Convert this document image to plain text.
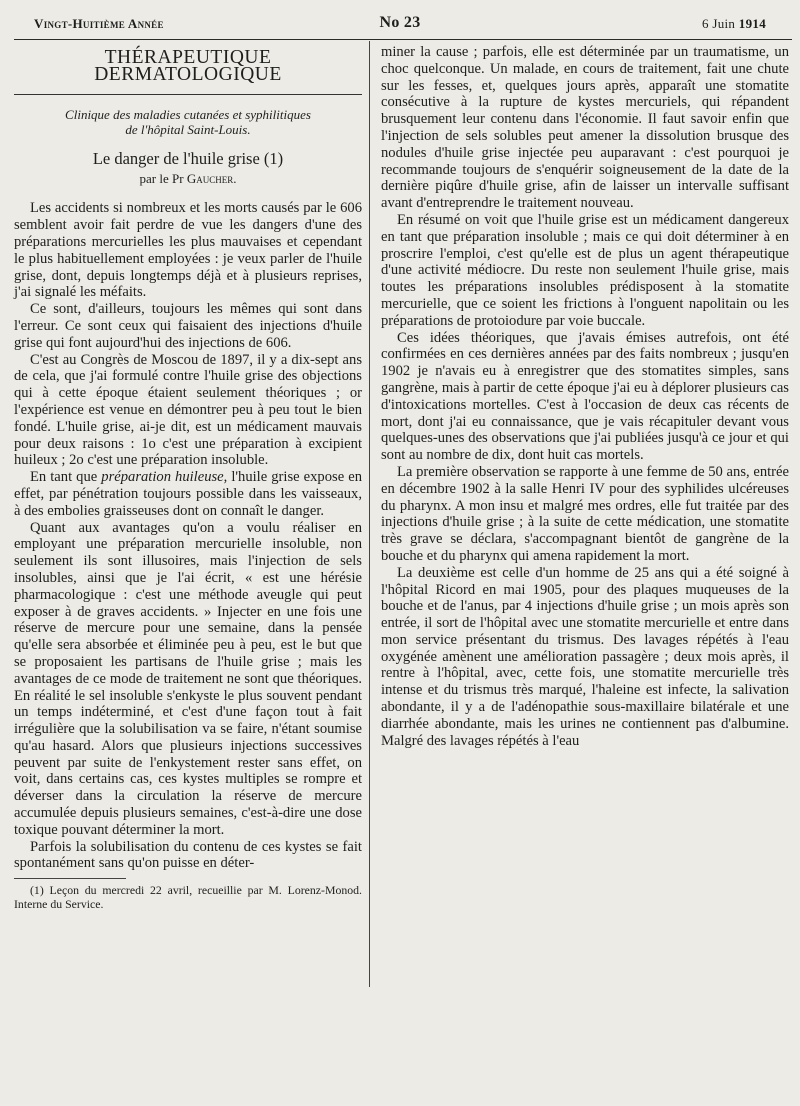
Vingt-Huitième Année	No 23	6 Juin 1914
THÉRAPEUTIQUE DERMATOLOGIQUE
Clinique des maladies cutanées et syphilitiques
de l'hôpital Saint-Louis.
Le danger de l'huile grise (1)
par le Pr Gaucher.

Les accidents si nombreux et les morts causés par le 606 semblent avoir fait perdre de vue les dangers d'une des préparations mercurielles les plus mauvaises et cependant le plus habituellement employées : je veux parler de l'huile grise, dont, depuis longtemps déjà et à plusieurs reprises, j'ai signalé les méfaits.

Ce sont, d'ailleurs, toujours les mêmes qui sont dans l'erreur. Ce sont ceux qui faisaient des injections d'huile grise qui font aujourd'hui des injections de 606.

C'est au Congrès de Moscou de 1897, il y a dix-sept ans de cela, que j'ai formulé contre l'huile grise des objections qui à cette époque étaient seulement théoriques ; or l'expérience est venue en démontrer peu à peu tout le bien fondé. L'huile grise, ai-je dit, est un médicament mauvais pour deux raisons : 1o c'est une préparation à excipient huileux ; 2o c'est une préparation insoluble.

En tant que préparation huileuse, l'huile grise expose en effet, par pénétration toujours possible dans les vaisseaux, à des embolies graisseuses dont on connaît le danger.

Quant aux avantages qu'on a voulu réaliser en employant une préparation mercurielle insoluble, non seulement ils sont illusoires, mais l'injection de sels insolubles, ainsi que je l'ai écrit, « est une hérésie pharmacologique : c'est une méthode aveugle qui peut exposer à de graves accidents. » Injecter en une fois une réserve de mercure pour une semaine, dans la pensée qu'elle sera absorbée et éliminée peu à peu, est le but que se proposaient les partisans de l'huile grise ; mais les avantages de ce mode de traitement ne sont que théoriques. En réalité le sel insoluble s'enkyste le plus souvent pendant un temps indéterminé, et c'est d'une façon tout à fait irrégulière que la solubilisation va se faire, n'étant soumise qu'au hasard. Alors que plusieurs injections successives peuvent par suite de l'enkystement rester sans effet, on voit, dans certains cas, ces kystes multiples se rompre et déverser dans la circulation la réserve de mercure accumulée depuis plusieurs semaines, c'est-à-dire une dose toxique pouvant déterminer la mort.

Parfois la solubilisation du contenu de ces kystes se fait spontanément sans qu'on puisse en déter-

(1) Leçon du mercredi 22 avril, recueillie par M. Lorenz-Monod. Interne du Service.

miner la cause ; parfois, elle est déterminée par un traumatisme, un choc quelconque. Un malade, en cours de traitement, fait une chute sur les fesses, et, quelques jours après, apparaît une stomatite consécutive à la rupture de kystes mercuriels, qui répandent brusquement leur contenu dans l'économie. Il faut savoir enfin que l'injection de sels solubles peut amener la dissolution brusque des nodules d'huile grise injectée peu auparavant : c'est pourquoi je recommande toujours de s'enquérir soigneusement de la date de la dernière piqûre d'huile grise, afin de laisser un intervalle suffisant avant d'entreprendre le traitement nouveau.

En résumé on voit que l'huile grise est un médicament dangereux en tant que préparation insoluble ; mais ce qui doit déterminer à en proscrire l'emploi, c'est qu'elle est de plus un agent thérapeutique d'une activité médiocre. Du reste non seulement l'huile grise, mais toutes les préparations insolubles prédisposent à la stomatite mercurielle, que ce soient les frictions à l'onguent napolitain ou les préparations de protoiodure par voie buccale.

Ces idées théoriques, que j'avais émises autrefois, ont été confirmées en ces dernières années par des faits nombreux ; jusqu'en 1902 je n'avais eu à enregistrer que des stomatites simples, sans gangrène, mais à partir de cette époque j'ai eu à déplorer plusieurs cas d'intoxications mortelles. C'est à l'occasion de deux cas récents de mort, dont j'ai eu connaissance, que je vais récapituler devant vous quelques-unes des observations que j'ai publiées jusqu'à ce jour et qui sont au nombre de dix, dont huit cas mortels.

La première observation se rapporte à une femme de 50 ans, entrée en décembre 1902 à la salle Henri IV pour des syphilides ulcéreuses du pharynx. A mon insu et malgré mes ordres, elle fut traitée par des injections d'huile grise ; à la suite de cette médication, une stomatite très grave se déclara, s'accompagnant bientôt de gangrène de la bouche et du pharynx qui amena rapidement la mort.

La deuxième est celle d'un homme de 25 ans qui a été soigné à l'hôpital Ricord en mai 1905, pour des plaques muqueuses de la bouche et de l'anus, par 4 injections d'huile grise ; un mois après son entrée, il sort de l'hôpital avec une stomatite mercurielle et entre dans mon service présentant du trismus. Des lavages répétés à l'eau oxygénée amènent une amélioration passagère ; deux mois après, il rentre à l'hôpital, avec, cette fois, une stomatite mercurielle très intense et du trismus très marqué, l'haleine est infecte, la salivation abondante, il y a de l'adénopathie sous-maxillaire bilatérale et une diarrhée abondante, mais les urines ne contiennent pas d'albumine. Malgré des lavages répétés à l'eau
